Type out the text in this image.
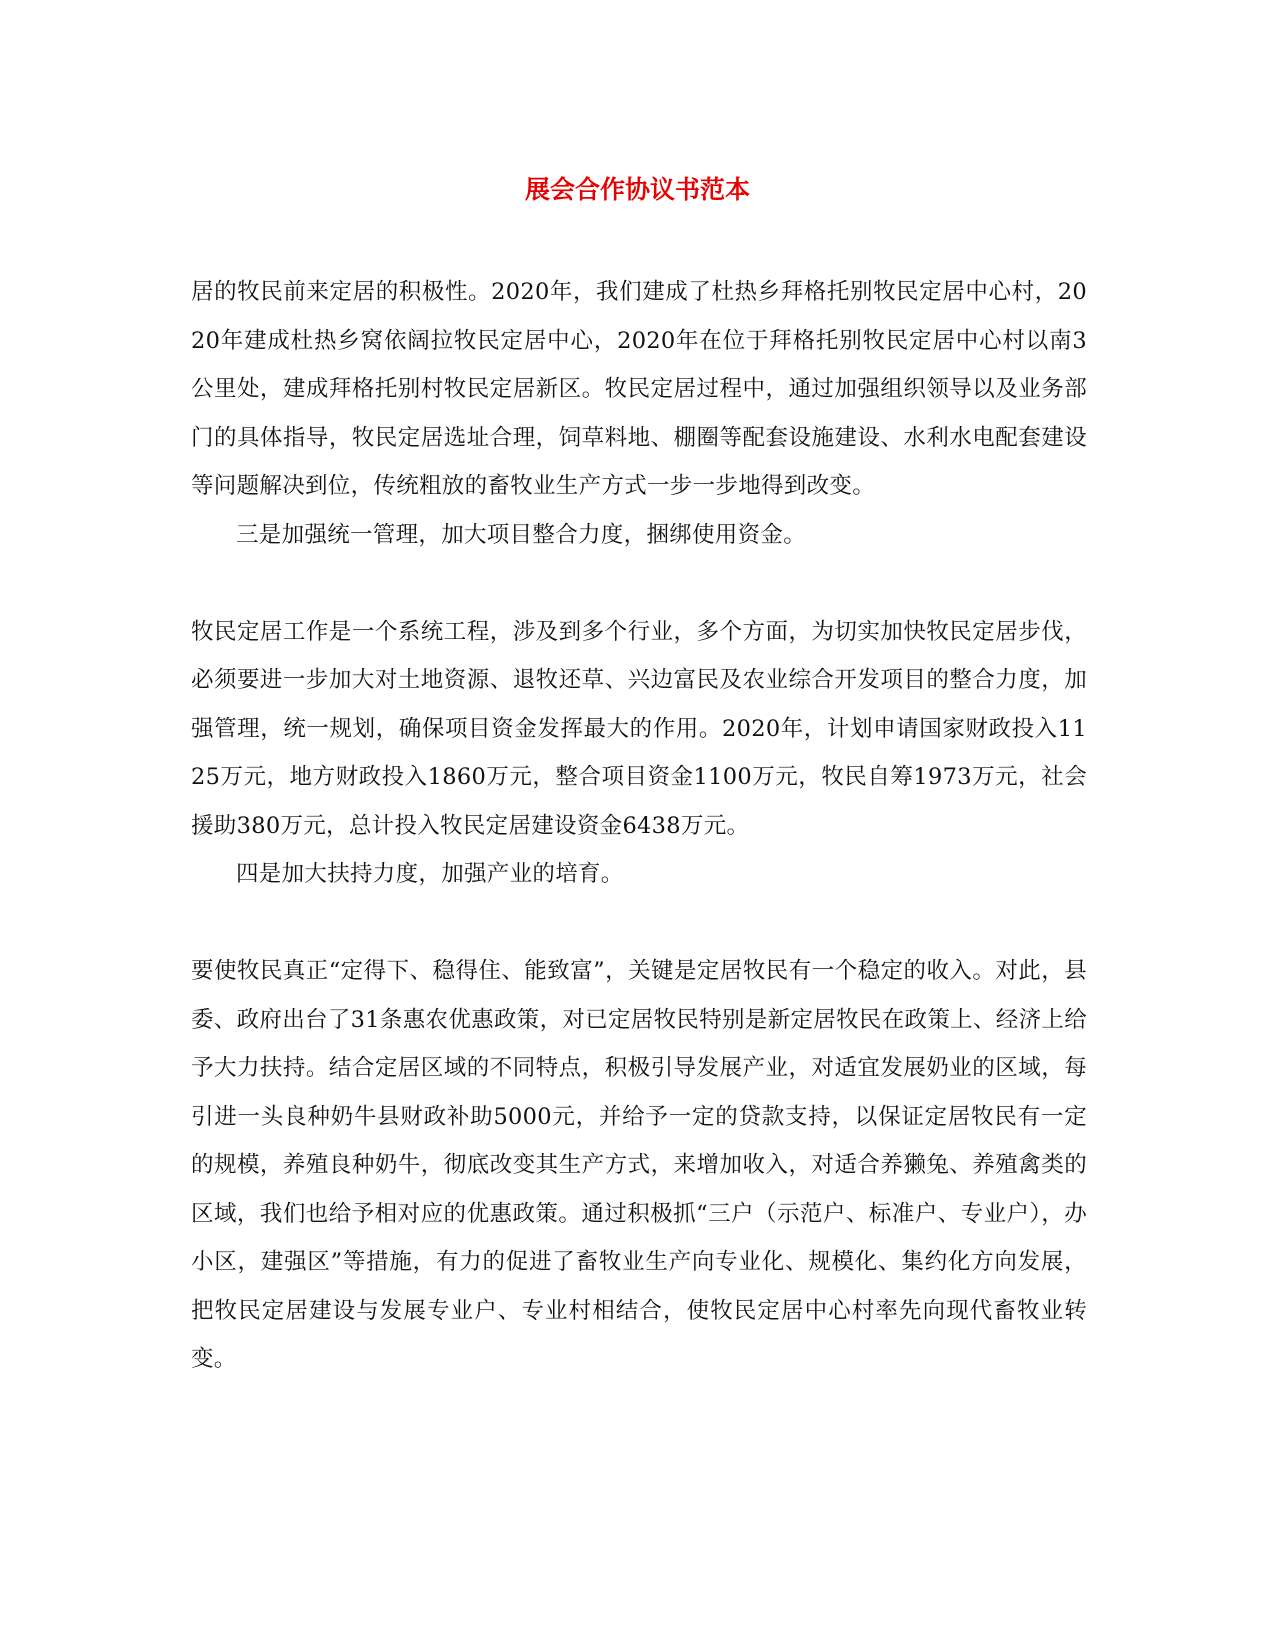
展会合作协议书范本

居的牧民前来定居的积极性。2020年，我们建成了杜热乡拜格托别牧民定居中心村，2020年建成杜热乡窝依阔拉牧民定居中心，2020年在位于拜格托别牧民定居中心村以南3公里处，建成拜格托别村牧民定居新区。牧民定居过程中，通过加强组织领导以及业务部门的具体指导，牧民定居选址合理，饲草料地、棚圈等配套设施建设、水利水电配套建设等问题解决到位，传统粗放的畜牧业生产方式一步一步地得到改变。

三是加强统一管理，加大项目整合力度，捆绑使用资金。

牧民定居工作是一个系统工程，涉及到多个行业，多个方面，为切实加快牧民定居步伐，必须要进一步加大对土地资源、退牧还草、兴边富民及农业综合开发项目的整合力度，加强管理，统一规划，确保项目资金发挥最大的作用。2020年，计划申请国家财政投入1125万元，地方财政投入1860万元，整合项目资金1100万元，牧民自筹1973万元，社会援助380万元，总计投入牧民定居建设资金6438万元。

四是加大扶持力度，加强产业的培育。

要使牧民真正“定得下、稳得住、能致富”，关键是定居牧民有一个稳定的收入。对此，县委、政府出台了31条惠农优惠政策，对已定居牧民特别是新定居牧民在政策上、经济上给予大力扶持。结合定居区域的不同特点，积极引导发展产业，对适宜发展奶业的区域，每引进一头良种奶牛县财政补助5000元，并给予一定的贷款支持，以保证定居牧民有一定的规模，养殖良种奶牛，彻底改变其生产方式，来增加收入，对适合养獭兔、养殖禽类的区域，我们也给予相对应的优惠政策。通过积极抓“三户（示范户、标准户、专业户），办小区，建强区”等措施，有力的促进了畜牧业生产向专业化、规模化、集约化方向发展，把牧民定居建设与发展专业户、专业村相结合，使牧民定居中心村率先向现代畜牧业转变。
